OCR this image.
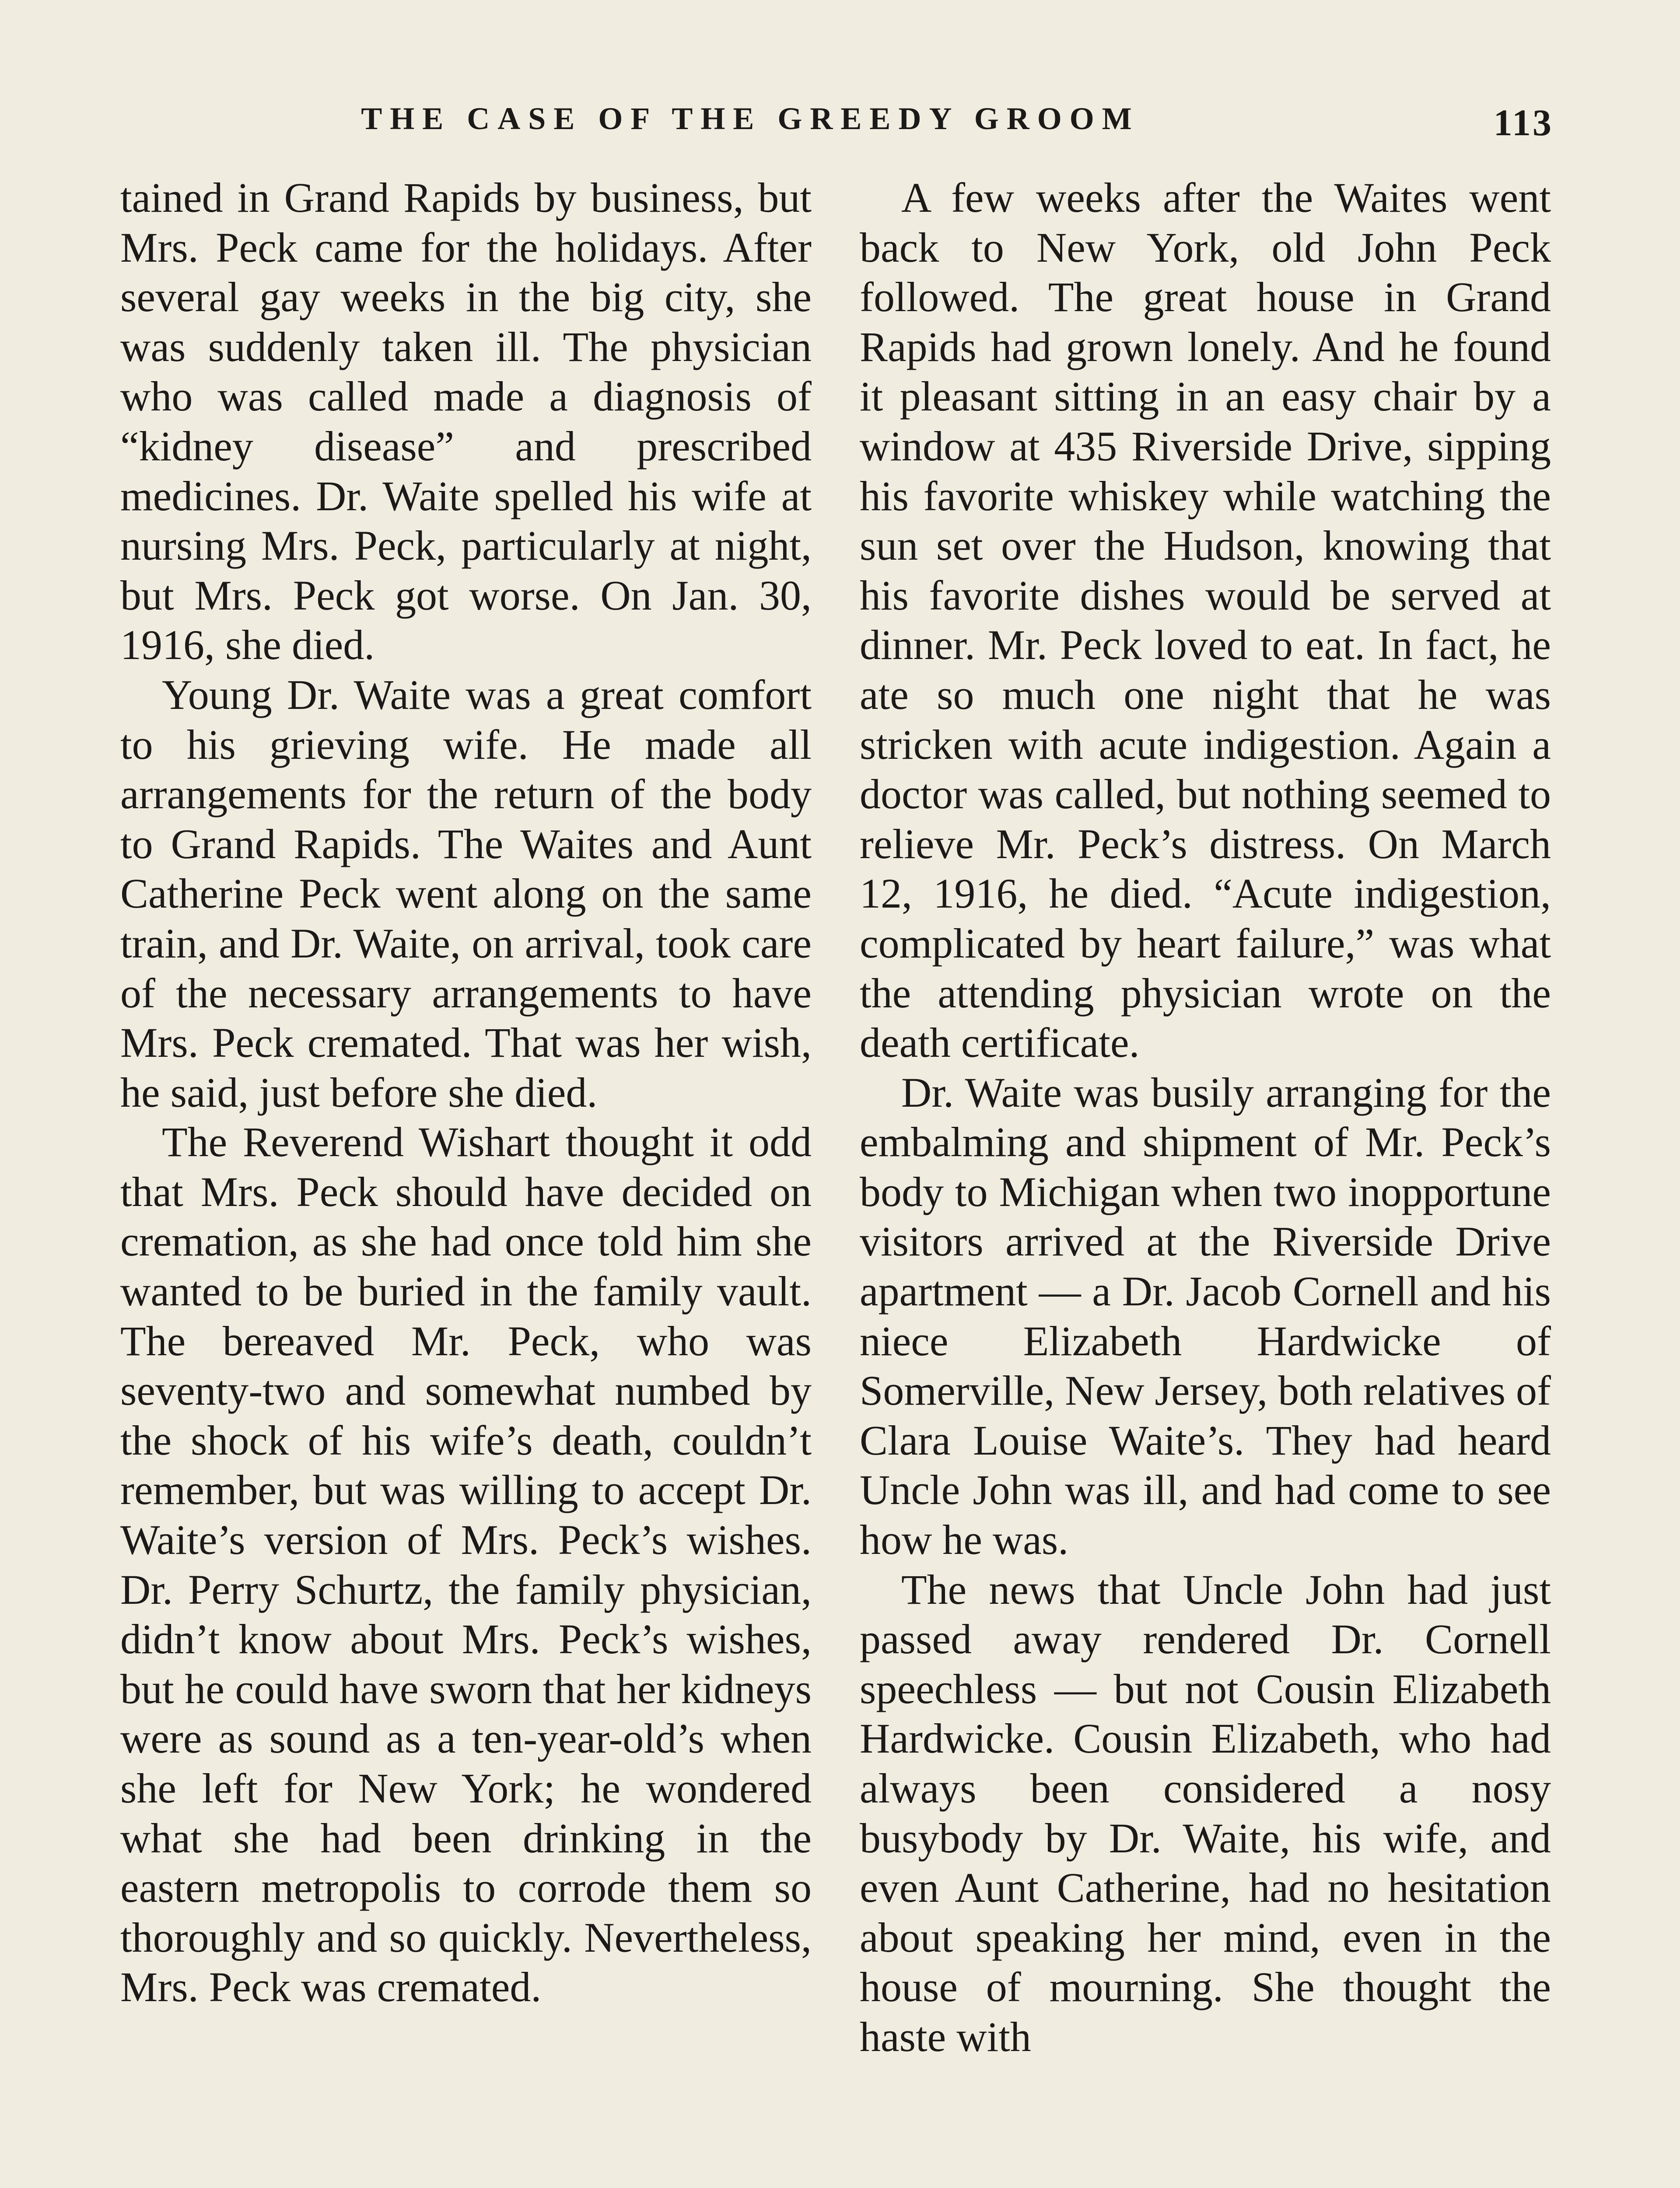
THE CASE OF THE GREEDY GROOM	113

tained in Grand Rapids by business, but Mrs. Peck came for the holidays. After several gay weeks in the big city, she was suddenly taken ill. The physician who was called made a diagnosis of “kidney disease” and prescribed medicines. Dr. Waite spelled his wife at nursing Mrs. Peck, particularly at night, but Mrs. Peck got worse. On Jan. 30, 1916, she died.

Young Dr. Waite was a great comfort to his grieving wife. He made all arrangements for the return of the body to Grand Rapids. The Waites and Aunt Catherine Peck went along on the same train, and Dr. Waite, on arrival, took care of the necessary arrangements to have Mrs. Peck cremated. That was her wish, he said, just before she died.

The Reverend Wishart thought it odd that Mrs. Peck should have decided on cremation, as she had once told him she wanted to be buried in the family vault. The bereaved Mr. Peck, who was seventy-two and somewhat numbed by the shock of his wife’s death, couldn’t remember, but was willing to accept Dr. Waite’s version of Mrs. Peck’s wishes. Dr. Perry Schurtz, the family physician, didn’t know about Mrs. Peck’s wishes, but he could have sworn that her kidneys were as sound as a ten-year-old’s when she left for New York; he wondered what she had been drinking in the eastern metropolis to corrode them so thoroughly and so quickly. Nevertheless, Mrs. Peck was cremated.

A few weeks after the Waites went back to New York, old John Peck followed. The great house in Grand Rapids had grown lonely. And he found it pleasant sitting in an easy chair by a window at 435 Riverside Drive, sipping his favorite whiskey while watching the sun set over the Hudson, knowing that his favorite dishes would be served at dinner. Mr. Peck loved to eat. In fact, he ate so much one night that he was stricken with acute indigestion. Again a doctor was called, but nothing seemed to relieve Mr. Peck’s distress. On March 12, 1916, he died. “Acute indigestion, complicated by heart failure,” was what the attending physician wrote on the death certificate.

Dr. Waite was busily arranging for the embalming and shipment of Mr. Peck’s body to Michigan when two inopportune visitors arrived at the Riverside Drive apartment — a Dr. Jacob Cornell and his niece Elizabeth Hardwicke of Somerville, New Jersey, both relatives of Clara Louise Waite’s. They had heard Uncle John was ill, and had come to see how he was.

The news that Uncle John had just passed away rendered Dr. Cornell speechless — but not Cousin Elizabeth Hardwicke. Cousin Elizabeth, who had always been considered a nosy busybody by Dr. Waite, his wife, and even Aunt Catherine, had no hesitation about speaking her mind, even in the house of mourning. She thought the haste with
